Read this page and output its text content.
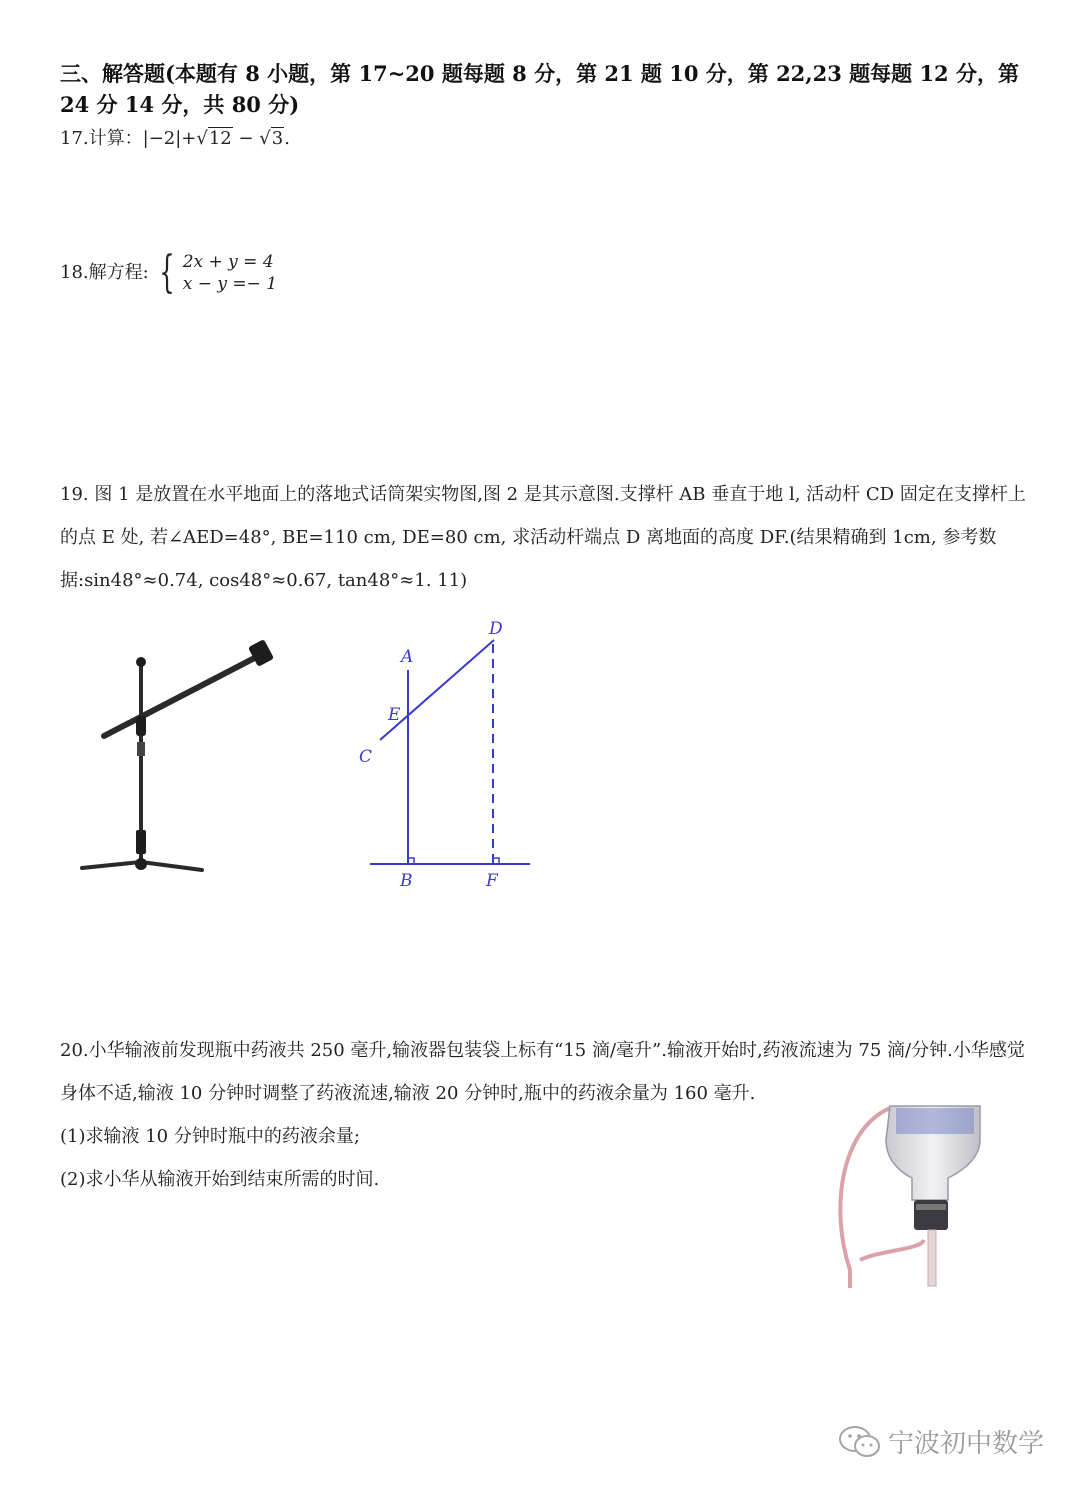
三、解答题(本题有 8 小题，第 17~20 题每题 8 分，第 21 题 10 分，第 22,23 题每题 12 分，第 24 分 14 分，共 80 分)
17.计算：|−2|+√12 − √3.
18.解方程: { 2x + y = 4
x − y =− 1
19. 图 1 是放置在水平地面上的落地式话筒架实物图,图 2 是其示意图.支撑杆 AB 垂直于地 l, 活动杆 CD 固定在支撑杆上的点 E 处, 若∠AED=48°, BE=110 cm, DE=80 cm, 求活动杆端点 D 离地面的高度 DF.(结果精确到 1cm, 参考数据:sin48°≈0.74, cos48°≈0.67, tan48°≈1. 11)
A
B
C
D
E
F

20.小华输液前发现瓶中药液共 250 毫升,输液器包装袋上标有“15 滴/毫升”.输液开始时,药液流速为 75 滴/分钟.小华感觉身体不适,输液 10 分钟时调整了药液流速,输液 20 分钟时,瓶中的药液余量为 160 毫升.

(1)求输液 10 分钟时瓶中的药液余量;

(2)求小华从输液开始到结束所需的时间.

宁波初中数学
